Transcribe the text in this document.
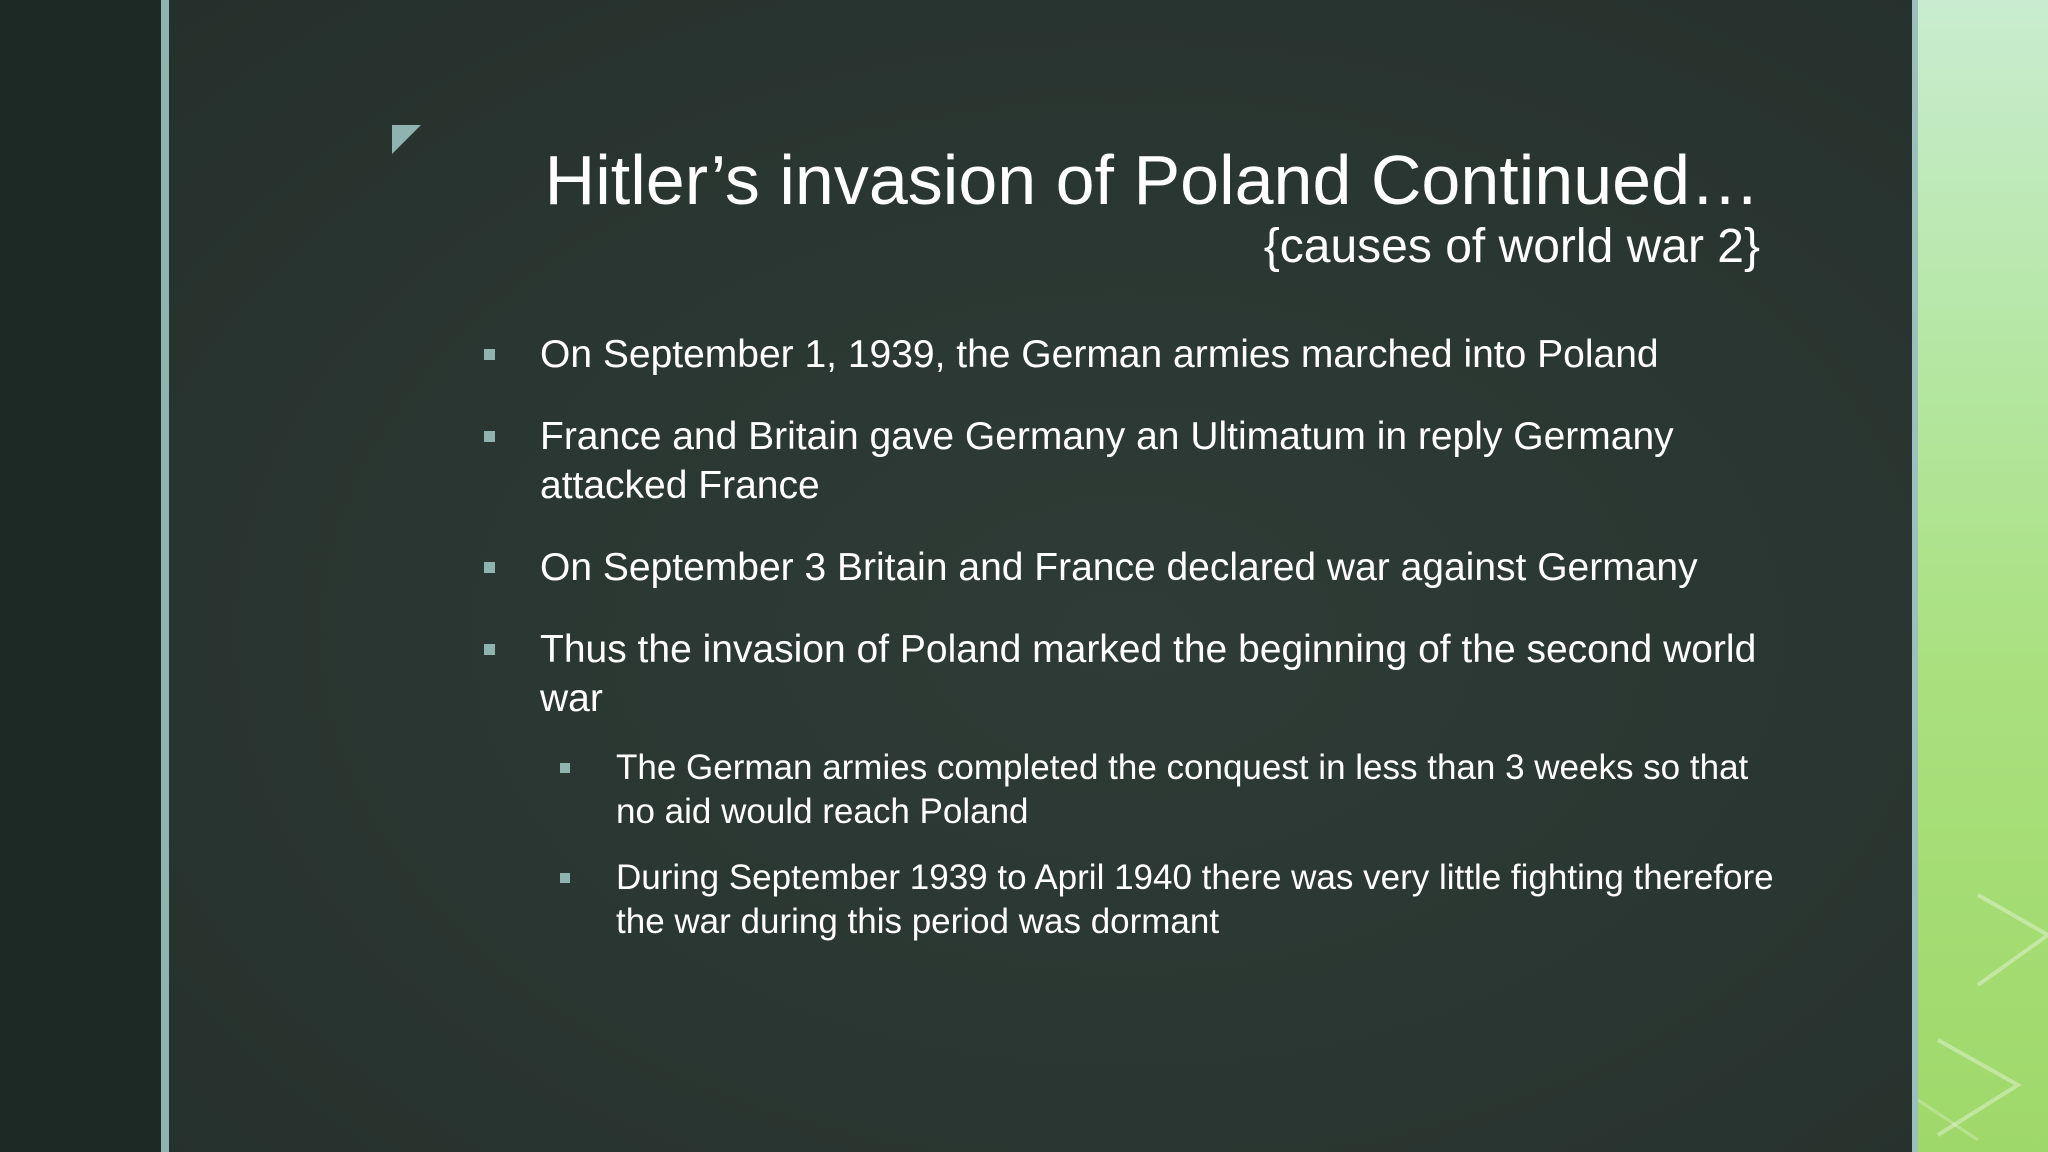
Hitler’s invasion of Poland Continued…
{causes of world war 2}
On September 1, 1939, the German armies marched into Poland
France and Britain gave Germany an Ultimatum in reply Germany attacked France
On September 3 Britain and France declared war against Germany
Thus the invasion of Poland marked the beginning of the second world war
The German armies completed the conquest in less than 3 weeks so that no aid would reach Poland
During September 1939 to April 1940 there was very little fighting therefore the war during this period was dormant
